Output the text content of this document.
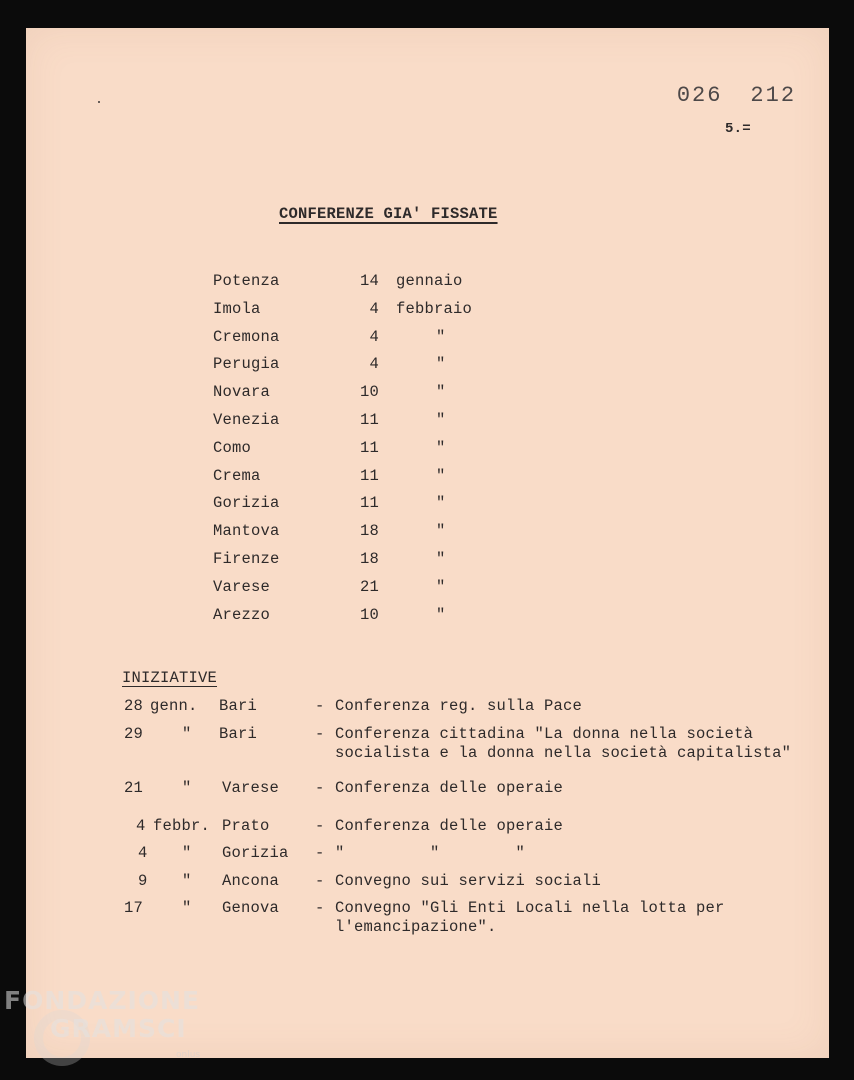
026 212

5.=
CONFERENZE GIA' FISSATE
Potenza	14 gennaio
Imola	4 febbraio
Cremona	4	"
Perugia	4	"
Novara	10	"
Venezia	11	"
Como	11	"
Crema	11	"
Gorizia	11	"
Mantova	18	"
Firenze	18	"
Varese	21	"
Arezzo	10	"
INIZIATIVE
28 genn. Bari	- Conferenza reg. sulla Pace
29	" Bari	- Conferenza cittadina "La donna nella società
socialista e la donna nella società capitalista"
21	" Varese - Conferenza delle operaie
4 febbr. Prato	- Conferenza delle operaie
4 " Gorizia - "         "        "
9 " Ancona - Convegno sui servizi sociali
17	" Genova - Convegno "Gli Enti Locali nella lotta per
l'emancipazione".
FONDAZIONE
GRAMSCI
onlus
